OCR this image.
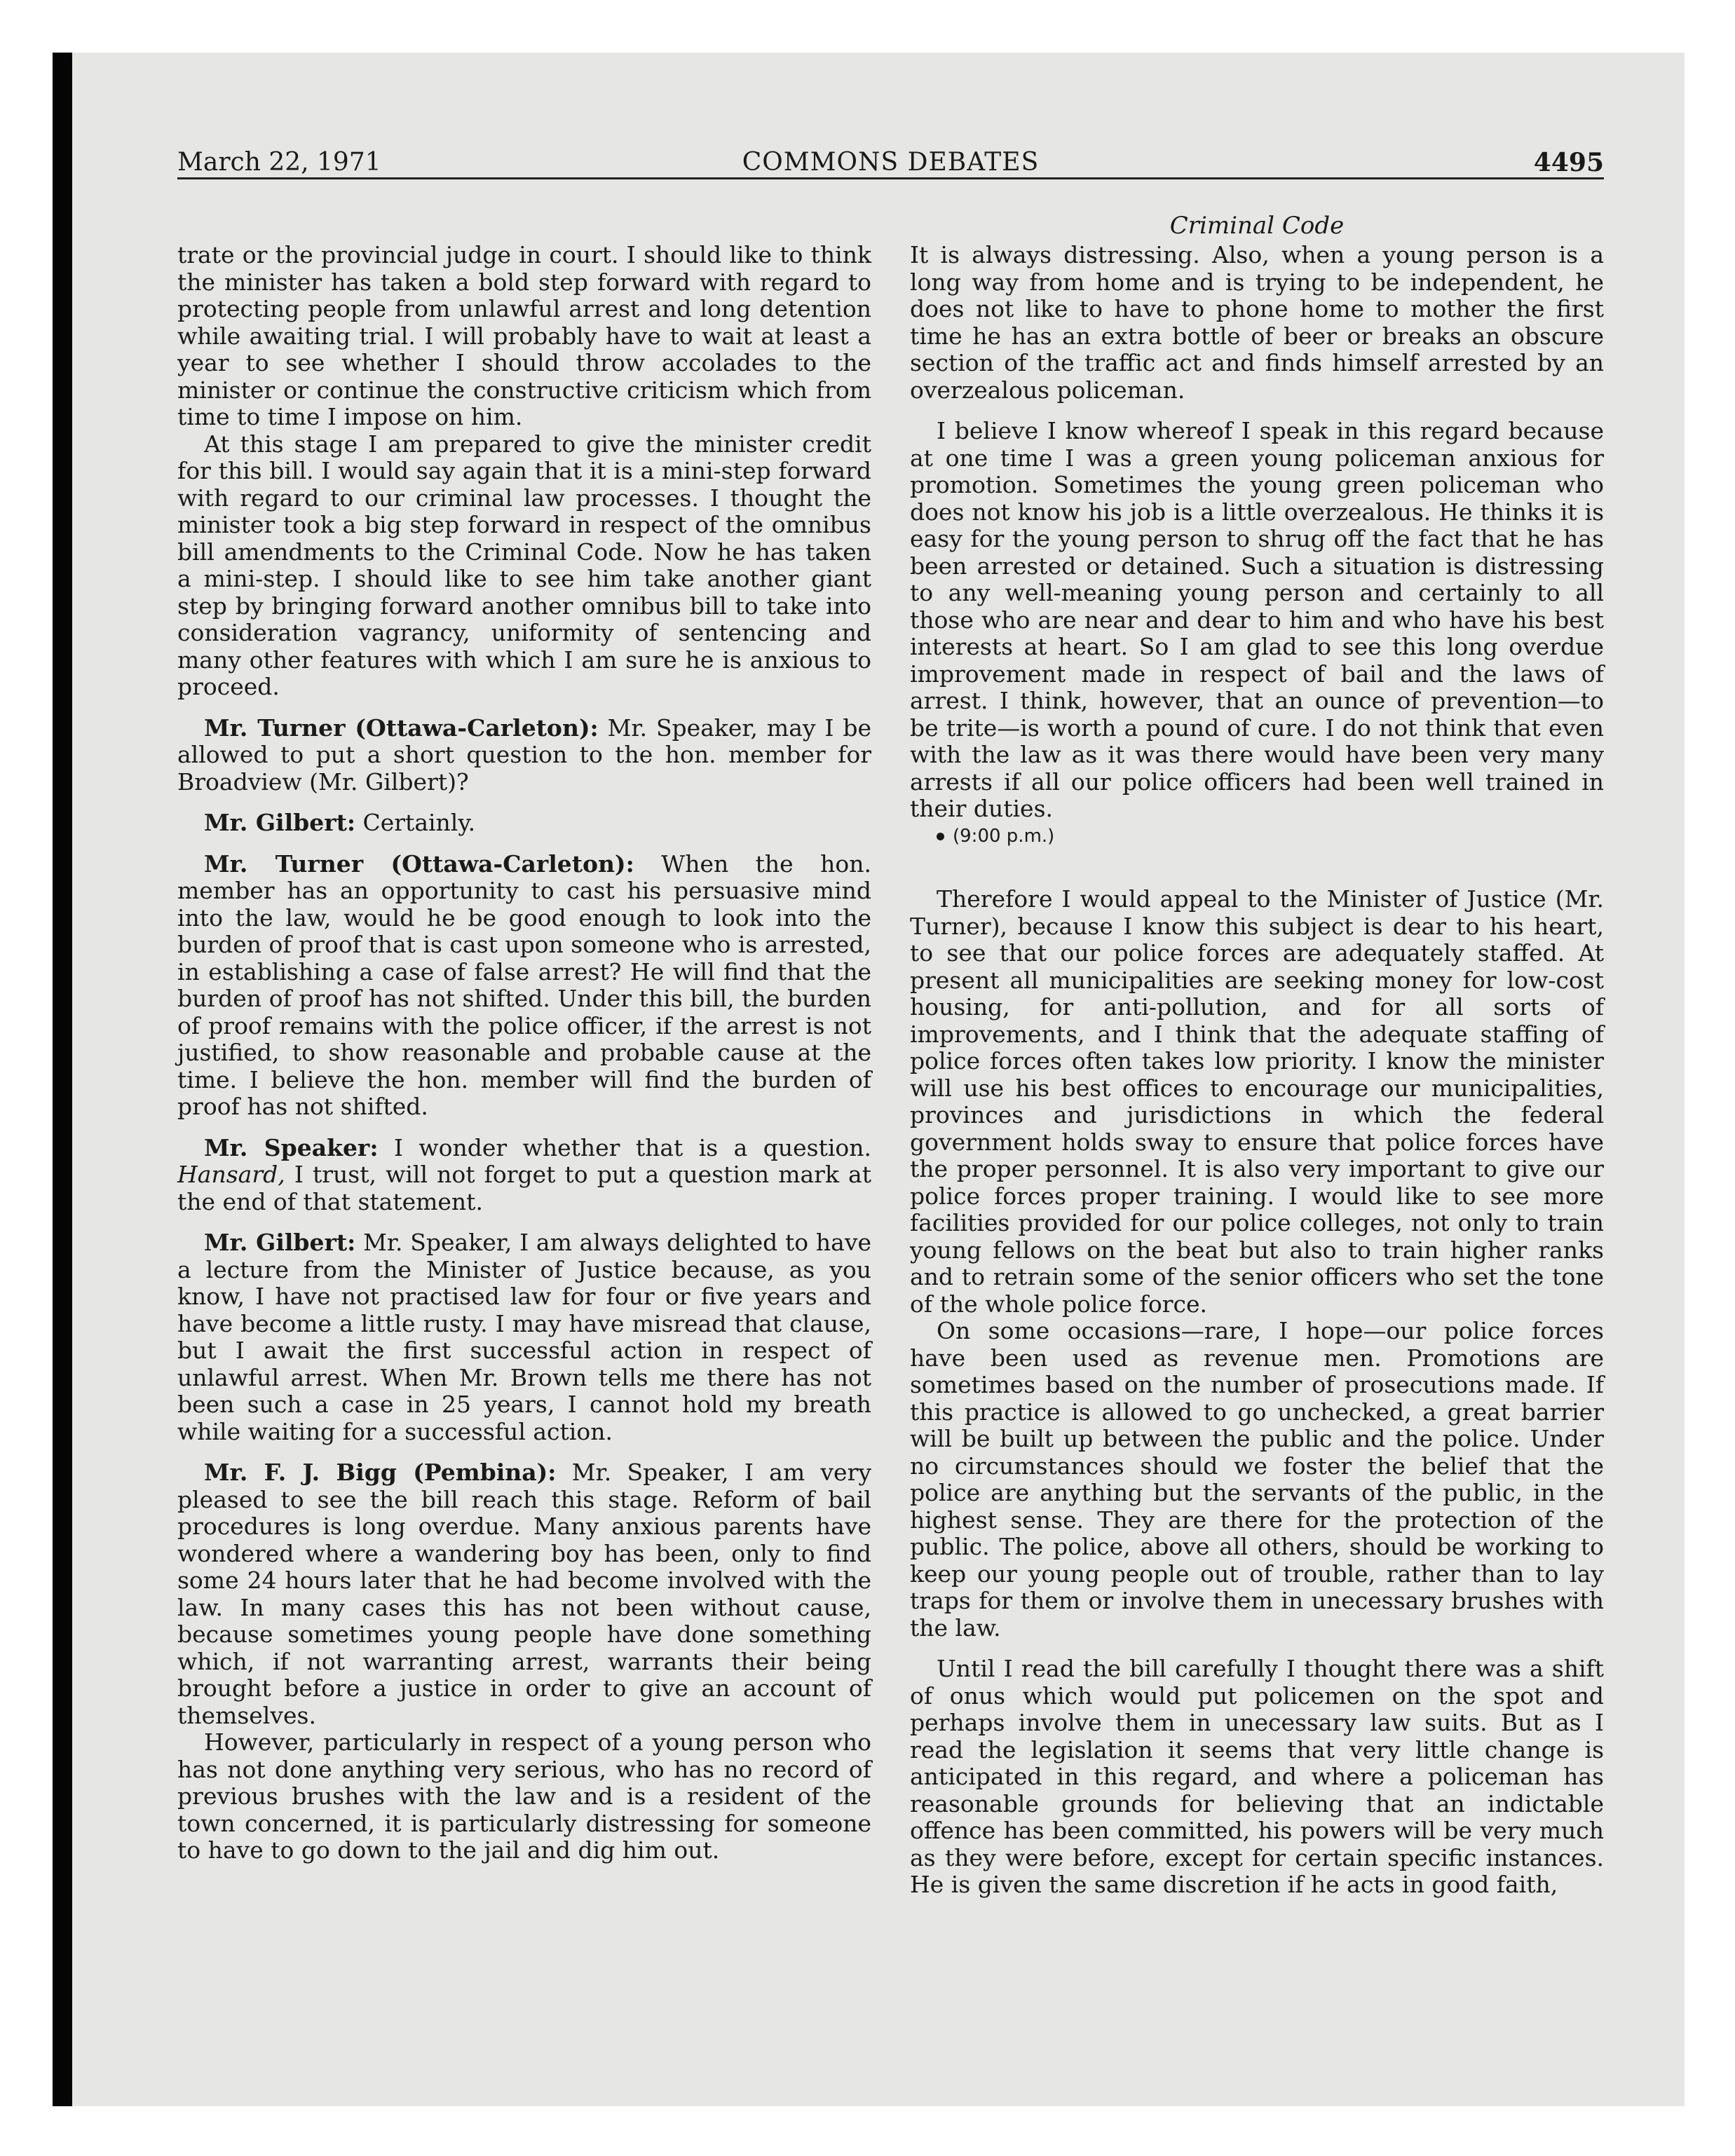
March 22, 1971	COMMONS DEBATES	4495
Criminal Code

trate or the provincial judge in court. I should like to think the minister has taken a bold step forward with regard to protecting people from unlawful arrest and long detention while awaiting trial. I will probably have to wait at least a year to see whether I should throw accolades to the minister or continue the constructive criticism which from time to time I impose on him.

At this stage I am prepared to give the minister credit for this bill. I would say again that it is a mini-step forward with regard to our criminal law processes. I thought the minister took a big step forward in respect of the omnibus bill amendments to the Criminal Code. Now he has taken a mini-step. I should like to see him take another giant step by bringing forward another omnibus bill to take into consideration vagrancy, uniformity of sentencing and many other features with which I am sure he is anxious to proceed.

Mr. Turner (Ottawa-Carleton): Mr. Speaker, may I be allowed to put a short question to the hon. member for Broadview (Mr. Gilbert)?

Mr. Gilbert: Certainly.

Mr. Turner (Ottawa-Carleton): When the hon. member has an opportunity to cast his persuasive mind into the law, would he be good enough to look into the burden of proof that is cast upon someone who is arrested, in establishing a case of false arrest? He will find that the burden of proof has not shifted. Under this bill, the burden of proof remains with the police officer, if the arrest is not justified, to show reasonable and probable cause at the time. I believe the hon. member will find the burden of proof has not shifted.

Mr. Speaker: I wonder whether that is a question. Hansard, I trust, will not forget to put a question mark at the end of that statement.

Mr. Gilbert: Mr. Speaker, I am always delighted to have a lecture from the Minister of Justice because, as you know, I have not practised law for four or five years and have become a little rusty. I may have misread that clause, but I await the first successful action in respect of unlawful arrest. When Mr. Brown tells me there has not been such a case in 25 years, I cannot hold my breath while waiting for a successful action.

Mr. F. J. Bigg (Pembina): Mr. Speaker, I am very pleased to see the bill reach this stage. Reform of bail procedures is long overdue. Many anxious parents have wondered where a wandering boy has been, only to find some 24 hours later that he had become involved with the law. In many cases this has not been without cause, because sometimes young people have done something which, if not warranting arrest, warrants their being brought before a justice in order to give an account of themselves.

However, particularly in respect of a young person who has not done anything very serious, who has no record of previous brushes with the law and is a resident of the town concerned, it is particularly distressing for someone to have to go down to the jail and dig him out.

It is always distressing. Also, when a young person is a long way from home and is trying to be independent, he does not like to have to phone home to mother the first time he has an extra bottle of beer or breaks an obscure section of the traffic act and finds himself arrested by an overzealous policeman.

I believe I know whereof I speak in this regard because at one time I was a green young policeman anxious for promotion. Sometimes the young green policeman who does not know his job is a little overzealous. He thinks it is easy for the young person to shrug off the fact that he has been arrested or detained. Such a situation is distressing to any well-meaning young person and certainly to all those who are near and dear to him and who have his best interests at heart. So I am glad to see this long overdue improvement made in respect of bail and the laws of arrest. I think, however, that an ounce of prevention—to be trite—is worth a pound of cure. I do not think that even with the law as it was there would have been very many arrests if all our police officers had been well trained in their duties.

(9:00 p.m.)

Therefore I would appeal to the Minister of Justice (Mr. Turner), because I know this subject is dear to his heart, to see that our police forces are adequately staffed. At present all municipalities are seeking money for low-cost housing, for anti-pollution, and for all sorts of improvements, and I think that the adequate staffing of police forces often takes low priority. I know the minister will use his best offices to encourage our municipalities, provinces and jurisdictions in which the federal government holds sway to ensure that police forces have the proper personnel. It is also very important to give our police forces proper training. I would like to see more facilities provided for our police colleges, not only to train young fellows on the beat but also to train higher ranks and to retrain some of the senior officers who set the tone of the whole police force.

On some occasions—rare, I hope—our police forces have been used as revenue men. Promotions are sometimes based on the number of prosecutions made. If this practice is allowed to go unchecked, a great barrier will be built up between the public and the police. Under no circumstances should we foster the belief that the police are anything but the servants of the public, in the highest sense. They are there for the protection of the public. The police, above all others, should be working to keep our young people out of trouble, rather than to lay traps for them or involve them in unecessary brushes with the law.

Until I read the bill carefully I thought there was a shift of onus which would put policemen on the spot and perhaps involve them in unecessary law suits. But as I read the legislation it seems that very little change is anticipated in this regard, and where a policeman has reasonable grounds for believing that an indictable offence has been committed, his powers will be very much as they were before, except for certain specific instances. He is given the same discretion if he acts in good faith,
